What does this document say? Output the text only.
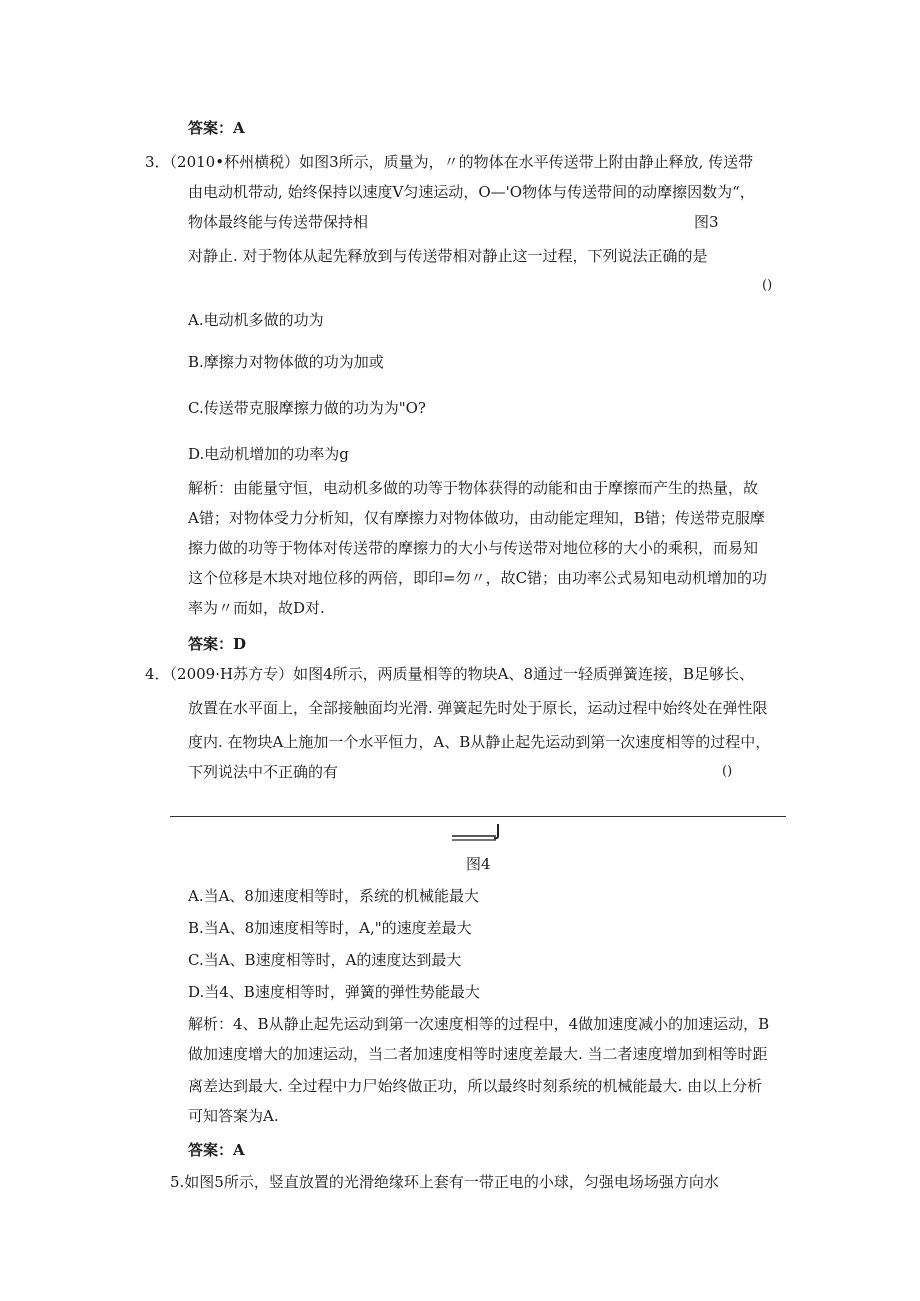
答案：A
3．（2010•杯州横税）如图3所示，质量为，〃的物体在水平传送带上附由静止释放, 传送带
由电动机带动, 始终保持以速度V匀速运动，O—'O物体与传送带间的动摩擦因数为“，
物体最终能与传送带保持相	图3
对静止. 对于物体从起先释放到与传送带相对静止这一过程，下列说法正确的是
()
A.电动机多做的功为
B.摩擦力对物体做的功为加或
C.传送带克服摩擦力做的功为为"O?
D.电动机增加的功率为g
解析：由能量守恒，电动机多做的功等于物体获得的动能和由于摩擦而产生的热量，故
A错；对物体受力分析知，仅有摩擦力对物体做功，由动能定理知，B错；传送带克服摩
擦力做的功等于物体对传送带的摩擦力的大小与传送带对地位移的大小的乘积，而易知
这个位移是木块对地位移的两倍，即印=勿〃，故C错；由功率公式易知电动机增加的功
率为〃而如，故D对.
答案：D
4．（2009·H苏方专）如图4所示，两质量相等的物块A、8通过一轻质弹簧连接，B足够长、
放置在水平面上，全部接触面均光滑. 弹簧起先时处于原长，运动过程中始终处在弹性限
度内. 在物块A上施加一个水平恒力，A、B从静止起先运动到第一次速度相等的过程中，
下列说法中不正确的有	()
图4
A.当A、8加速度相等时，系统的机械能最大
B.当A、8加速度相等时，A,"的速度差最大
C.当A、B速度相等时，A的速度达到最大
D.当4、B速度相等时，弹簧的弹性势能最大
解析：4、B从静止起先运动到第一次速度相等的过程中，4做加速度减小的加速运动，B
做加速度增大的加速运动，当二者加速度相等时速度差最大. 当二者速度增加到相等时距
离差达到最大. 全过程中力尸始终做正功，所以最终时刻系统的机械能最大. 由以上分析
可知答案为A.
答案：A
5.如图5所示，竖直放置的光滑绝缘环上套有一带正电的小球，匀强电场场强方向水
